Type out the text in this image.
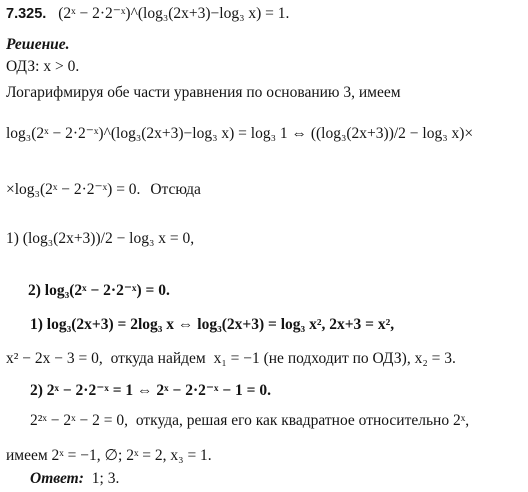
7.325. (2ˣ − 2·2⁻ˣ)^(log₃(2x+3)−log₃ x) = 1.
Решение.
ОДЗ: x > 0.
Логарифмируя обе части уравнения по основанию 3, имеем
log₃(2ˣ − 2·2⁻ˣ)^(log₃(2x+3)−log₃ x) = log₃ 1 ⇔ ((log₃(2x+3))/2 − log₃ x)×
×log₃(2ˣ − 2·2⁻ˣ) = 0. Отсюда
1) (log₃(2x+3))/2 − log₃ x = 0,
2) log₃(2ˣ − 2·2⁻ˣ) = 0.
1) log₃(2x+3) = 2log₃ x ⇔ log₃(2x+3) = log₃ x², 2x+3 = x²,
x² − 2x − 3 = 0, откуда найдем x₁ = −1 (не подходит по ОДЗ), x₂ = 3.
2) 2ˣ − 2·2⁻ˣ = 1 ⇔ 2ˣ − 2·2⁻ˣ − 1 = 0.
2²ˣ − 2ˣ − 2 = 0, откуда, решая его как квадратное относительно 2ˣ,
имеем 2ˣ = −1, ∅; 2ˣ = 2, x₃ = 1.
Ответ: 1; 3.
